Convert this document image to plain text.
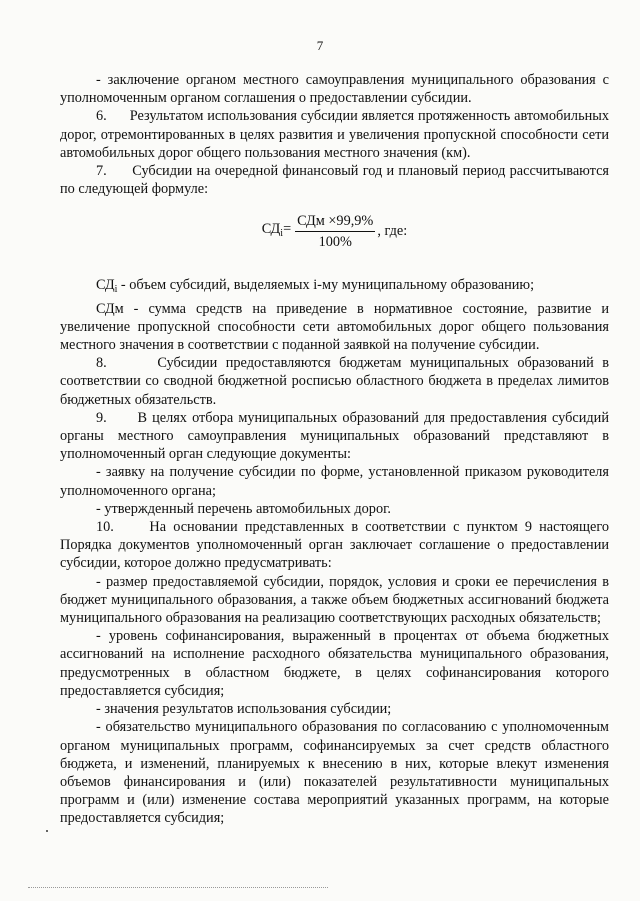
7

- заключение органом местного самоуправления муниципального образования с уполномоченным органом соглашения о предоставлении субсидии.

6.      Результатом использования субсидии является протяженность автомобильных дорог, отремонтированных в целях развития и увеличения пропускной способности сети автомобильных дорог общего пользования местного значения (км).

7.      Субсидии на очередной финансовый год и плановый период рассчитываются по следующей формуле:

$СД_i= \frac{\text{СДм ×99,9\%}}{100\%}$ , где:

$СД_i$ - объем субсидий, выделяемых i-му муниципальному образованию;

СДм - сумма средств на приведение в нормативное состояние, развитие и увеличение пропускной способности сети автомобильных дорог общего пользования местного значения в соответствии с поданной заявкой на получение субсидии.

8.      Субсидии предоставляются бюджетам муниципальных образований в соответствии со сводной бюджетной росписью областного бюджета в пределах лимитов бюджетных обязательств.

9.      В целях отбора муниципальных образований для предоставления субсидий органы местного самоуправления муниципальных образований представляют в уполномоченный орган следующие документы:

- заявку на получение субсидии по форме, установленной приказом руководителя уполномоченного органа;

- утвержденный перечень автомобильных дорог.

10.     На основании представленных в соответствии с пунктом 9 настоящего Порядка документов уполномоченный орган заключает соглашение о предоставлении субсидии, которое должно предусматривать:

- размер предоставляемой субсидии, порядок, условия и сроки ее перечисления в бюджет муниципального образования, а также объем бюджетных ассигнований бюджета муниципального образования на реализацию соответствующих расходных обязательств;

- уровень софинансирования, выраженный в процентах от объема бюджетных ассигнований на исполнение расходного обязательства муниципального образования, предусмотренных в областном бюджете, в целях софинансирования которого предоставляется субсидия;

- значения результатов использования субсидии;

- обязательство муниципального образования по согласованию с уполномоченным органом муниципальных программ, софинансируемых за счет средств областного бюджета, и изменений, планируемых к внесению в них, которые влекут изменения объемов финансирования и (или) показателей результативности муниципальных программ и (или) изменение состава мероприятий указанных программ, на которые предоставляется субсидия;
